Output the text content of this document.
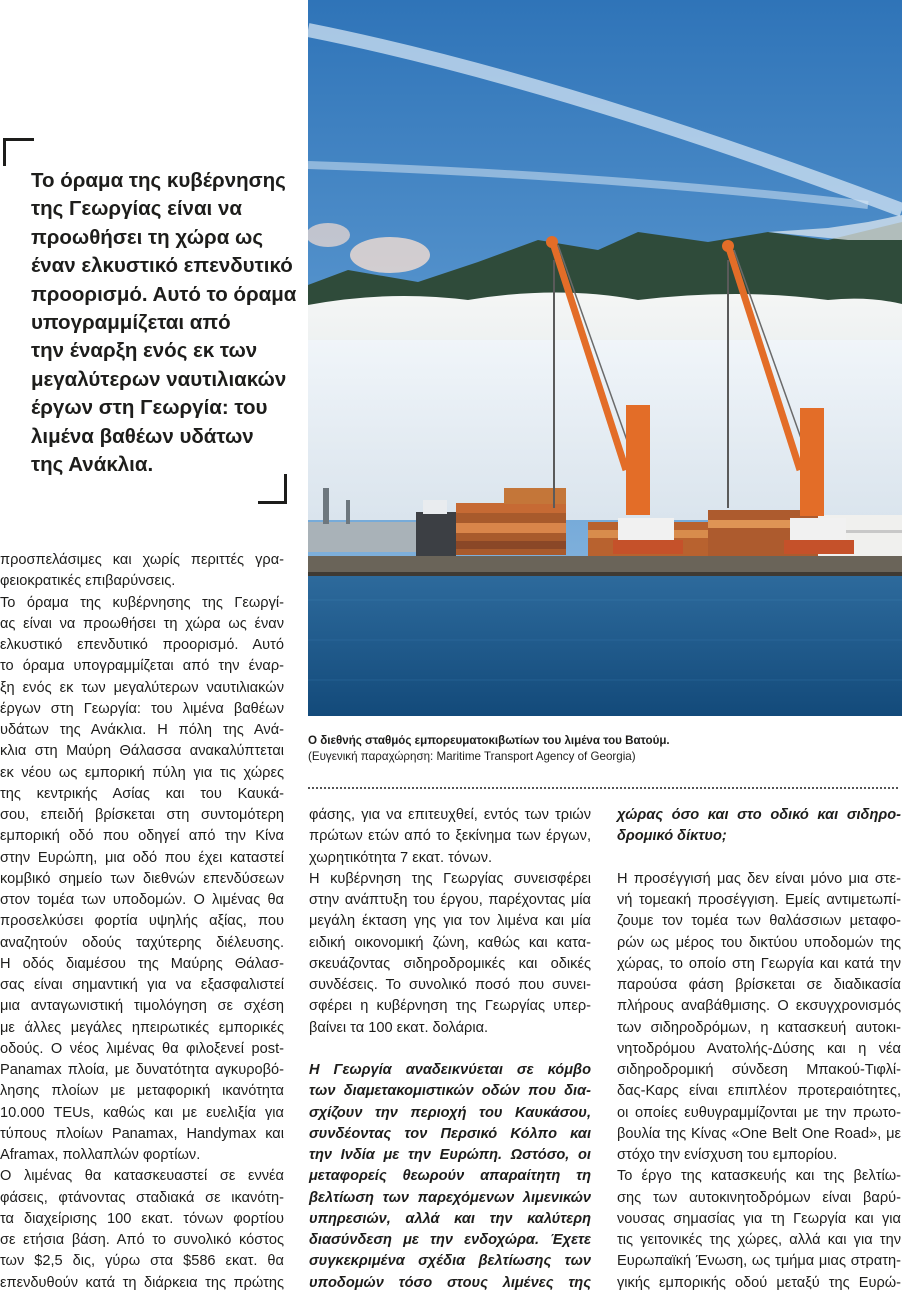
Το όραμα της κυβέρνησης
της Γεωργίας είναι να
προωθήσει τη χώρα ως
έναν ελκυστικό επενδυτικό
προορισμό. Αυτό το όραμα
υπογραμμίζεται από
την έναρξη ενός εκ των
μεγαλύτερων ναυτιλιακών
έργων στη Γεωργία: του
λιμένα βαθέων υδάτων
της Ανάκλια.
Ο διεθνής σταθμός εμπορευματοκιβωτίων του λιμένα του Βατούμ.
(Ευγενική παραχώρηση: Maritime Transport Agency of Georgia)
προσπελάσιμες και χωρίς περιττές γρα-
φειοκρατικές επιβαρύνσεις.
Το όραμα της κυβέρνησης της Γεωργί-
ας είναι να προωθήσει τη χώρα ως έναν
ελκυστικό επενδυτικό προορισμό. Αυτό
το όραμα υπογραμμίζεται από την έναρ-
ξη ενός εκ των μεγαλύτερων ναυτιλιακών
έργων στη Γεωργία: του λιμένα βαθέων
υδάτων της Ανάκλια. Η πόλη της Ανά-
κλια στη Μαύρη Θάλασσα ανακαλύπτεται
εκ νέου ως εμπορική πύλη για τις χώρες
της κεντρικής Ασίας και του Καυκά-
σου, επειδή βρίσκεται στη συντομότερη
εμπορική οδό που οδηγεί από την Κίνα
στην Ευρώπη, μια οδό που έχει καταστεί
κομβικό σημείο των διεθνών επενδύσεων
στον τομέα των υποδομών. Ο λιμένας θα
προσελκύσει φορτία υψηλής αξίας, που
αναζητούν οδούς ταχύτερης διέλευσης.
Η οδός διαμέσου της Μαύρης Θάλασ-
σας είναι σημαντική για να εξασφαλιστεί
μια ανταγωνιστική τιμολόγηση σε σχέση
με άλλες μεγάλες ηπειρωτικές εμπορικές
οδούς. Ο νέος λιμένας θα φιλοξενεί post-
Panamax πλοία, με δυνατότητα αγκυροβό-
λησης πλοίων με μεταφορική ικανότητα
10.000 TEUs, καθώς και με ευελιξία για
τύπους πλοίων Panamax, Handymax και
Aframax, πολλαπλών φορτίων.
Ο λιμένας θα κατασκευαστεί σε εννέα
φάσεις, φτάνοντας σταδιακά σε ικανότη-
τα διαχείρισης 100 εκατ. τόνων φορτίου
σε ετήσια βάση. Από το συνολικό κόστος
των $2,5 δις, γύρω στα $586 εκατ. θα
επενδυθούν κατά τη διάρκεια της πρώτης
φάσης, για να επιτευχθεί, εντός των τριών
πρώτων ετών από το ξεκίνημα των έργων,
χωρητικότητα 7 εκατ. τόνων.
Η κυβέρνηση της Γεωργίας συνεισφέρει
στην ανάπτυξη του έργου, παρέχοντας μία
μεγάλη έκταση γης για τον λιμένα και μία
ειδική οικονομική ζώνη, καθώς και κατα-
σκευάζοντας σιδηροδρομικές και οδικές
συνδέσεις. Το συνολικό ποσό που συνει-
σφέρει η κυβέρνηση της Γεωργίας υπερ-
βαίνει τα 100 εκατ. δολάρια.
Η Γεωργία αναδεικνύεται σε κόμβο
των διαμετακομιστικών οδών που δια-
σχίζουν την περιοχή του Καυκάσου,
συνδέοντας τον Περσικό Κόλπο και
την Ινδία με την Ευρώπη. Ωστόσο, οι
μεταφορείς θεωρούν απαραίτητη τη
βελτίωση των παρεχόμενων λιμενικών
υπηρεσιών, αλλά και την καλύτερη
διασύνδεση με την ενδοχώρα. Έχετε
συγκεκριμένα σχέδια βελτίωσης των
υποδομών τόσο στους λιμένες της
χώρας όσο και στο οδικό και σιδηρο-
δρομικό δίκτυο;
Η προσέγγισή μας δεν είναι μόνο μια στε-
νή τομεακή προσέγγιση. Εμείς αντιμετωπί-
ζουμε τον τομέα των θαλάσσιων μεταφο-
ρών ως μέρος του δικτύου υποδομών της
χώρας, το οποίο στη Γεωργία και κατά την
παρούσα φάση βρίσκεται σε διαδικασία
πλήρους αναβάθμισης. Ο εκσυγχρονισμός
των σιδηροδρόμων, η κατασκευή αυτοκι-
νητοδρόμου Ανατολής-Δύσης και η νέα
σιδηροδρομική σύνδεση Μπακού-Τιφλί-
δας-Καρς είναι επιπλέον προτεραιότητες,
οι οποίες ευθυγραμμίζονται με την πρωτο-
βουλία της Κίνας «One Belt One Road», με
στόχο την ενίσχυση του εμπορίου.
Το έργο της κατασκευής και της βελτίω-
σης των αυτοκινητοδρόμων είναι βαρύ-
νουσας σημασίας για τη Γεωργία και για
τις γειτονικές της χώρες, αλλά και για την
Ευρωπαϊκή Ένωση, ως τμήμα μιας στρατη-
γικής εμπορικής οδού μεταξύ της Ευρώ-
